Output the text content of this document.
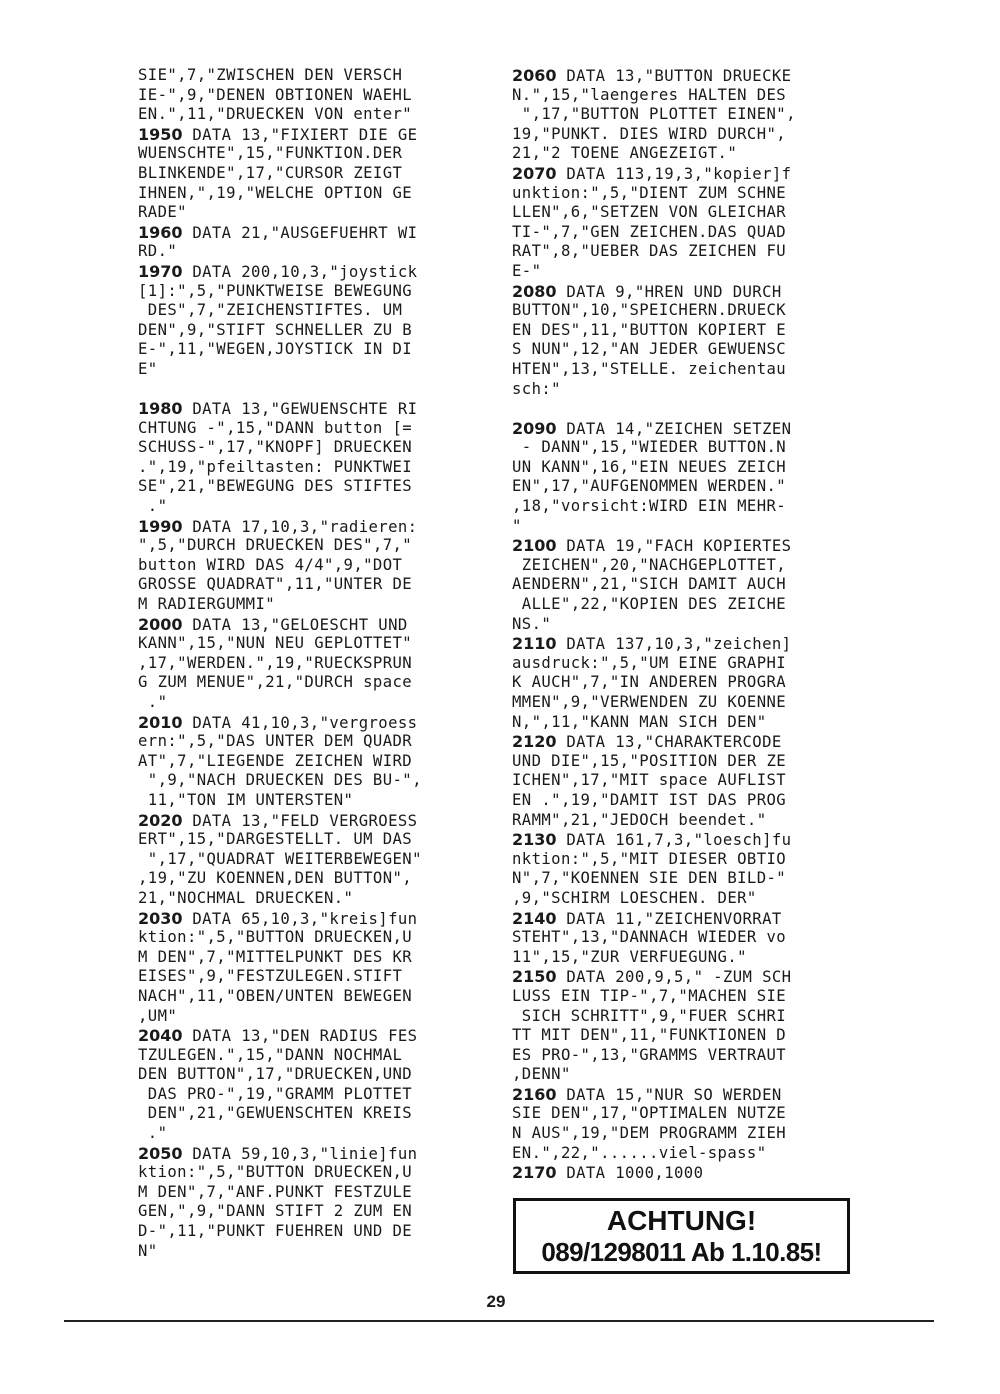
SIE",7,"ZWISCHEN DEN VERSCH
IE-",9,"DENEN OBTIONEN WAEHL
EN.",11,"DRUECKEN VON enter"
1950 DATA 13,"FIXIERT DIE GE
WUENSCHTE",15,"FUNKTION.DER
BLINKENDE",17,"CURSOR ZEIGT
IHNEN,",19,"WELCHE OPTION GE
RADE"
1960 DATA 21,"AUSGEFUEHRT WI
RD."
1970 DATA 200,10,3,"joystick
[1]:",5,"PUNKTWEISE BEWEGUNG
DES",7,"ZEICHENSTIFTES. UM
DEN",9,"STIFT SCHNELLER ZU B
E-",11,"WEGEN,JOYSTICK IN DI
E"
1980 DATA 13,"GEWUENSCHTE RI
CHTUNG -",15,"DANN button [=
SCHUSS-",17,"KNOPF] DRUECKEN
.",19,"pfeiltasten: PUNKTWEI
SE",21,"BEWEGUNG DES STIFTES
."
1990 DATA 17,10,3,"radieren:
",5,"DURCH DRUECKEN DES",7,"
button WIRD DAS 4/4",9,"DOT
GROSSE QUADRAT",11,"UNTER DE
M RADIERGUMMI"
2000 DATA 13,"GELOESCHT UND
KANN",15,"NUN NEU GEPLOTTET"
,17,"WERDEN.",19,"RUECKSPRUN
G ZUM MENUE",21,"DURCH space
."
2010 DATA 41,10,3,"vergroess
ern:",5,"DAS UNTER DEM QUADR
AT",7,"LIEGENDE ZEICHEN WIRD
",9,"NACH DRUECKEN DES BU-",
11,"TON IM UNTERSTEN"
2020 DATA 13,"FELD VERGROESS
ERT",15,"DARGESTELLT. UM DAS
",17,"QUADRAT WEITERBEWEGEN"
,19,"ZU KOENNEN,DEN BUTTON",
21,"NOCHMAL DRUECKEN."
2030 DATA 65,10,3,"kreis]fun
ktion:",5,"BUTTON DRUECKEN,U
M DEN",7,"MITTELPUNKT DES KR
EISES",9,"FESTZULEGEN.STIFT
NACH",11,"OBEN/UNTEN BEWEGEN
,UM"
2040 DATA 13,"DEN RADIUS FES
TZULEGEN.",15,"DANN NOCHMAL
DEN BUTTON",17,"DRUECKEN,UND
DAS PRO-",19,"GRAMM PLOTTET
DEN",21,"GEWUENSCHTEN KREIS
."
2050 DATA 59,10,3,"linie]fun
ktion:",5,"BUTTON DRUECKEN,U
M DEN",7,"ANF.PUNKT FESTZULE
GEN,",9,"DANN STIFT 2 ZUM EN
D-",11,"PUNKT FUEHREN UND DE
N"
2060 DATA 13,"BUTTON DRUECKE
N.",15,"laengeres HALTEN DES
",17,"BUTTON PLOTTET EINEN",
19,"PUNKT. DIES WIRD DURCH",
21,"2 TOENE ANGEZEIGT."
2070 DATA 113,19,3,"kopier]f
unktion:",5,"DIENT ZUM SCHNE
LLEN",6,"SETZEN VON GLEICHAR
TI-",7,"GEN ZEICHEN.DAS QUAD
RAT",8,"UEBER DAS ZEICHEN FU
E-"
2080 DATA 9,"HREN UND DURCH
BUTTON",10,"SPEICHERN.DRUECK
EN DES",11,"BUTTON KOPIERT E
S NUN",12,"AN JEDER GEWUENSC
HTEN",13,"STELLE. zeichentau
sch:"
2090 DATA 14,"ZEICHEN SETZEN
- DANN",15,"WIEDER BUTTON.N
UN KANN",16,"EIN NEUES ZEICH
EN",17,"AUFGENOMMEN WERDEN."
,18,"vorsicht:WIRD EIN MEHR-
"
2100 DATA 19,"FACH KOPIERTES
ZEICHEN",20,"NACHGEPLOTTET,
AENDERN",21,"SICH DAMIT AUCH
ALLE",22,"KOPIEN DES ZEICHE
NS."
2110 DATA 137,10,3,"zeichen]
ausdruck:",5,"UM EINE GRAPHI
K AUCH",7,"IN ANDEREN PROGRA
MMEN",9,"VERWENDEN ZU KOENNE
N,",11,"KANN MAN SICH DEN"
2120 DATA 13,"CHARAKTERCODE
UND DIE",15,"POSITION DER ZE
ICHEN",17,"MIT space AUFLIST
EN .",19,"DAMIT IST DAS PROG
RAMM",21,"JEDOCH beendet."
2130 DATA 161,7,3,"loesch]fu
nktion:",5,"MIT DIESER OBTIO
N",7,"KOENNEN SIE DEN BILD-"
,9,"SCHIRM LOESCHEN. DER"
2140 DATA 11,"ZEICHENVORRAT
STEHT",13,"DANNACH WIEDER vo
11",15,"ZUR VERFUEGUNG."
2150 DATA 200,9,5," -ZUM SCH
LUSS EIN TIP-",7,"MACHEN SIE
SICH SCHRITT",9,"FUER SCHRI
TT MIT DEN",11,"FUNKTIONEN D
ES PRO-",13,"GRAMMS VERTRAUT
,DENN"
2160 DATA 15,"NUR SO WERDEN
SIE DEN",17,"OPTIMALEN NUTZE
N AUS",19,"DEM PROGRAMM ZIEH
EN.",22,"......viel-spass"
2170 DATA 1000,1000
ACHTUNG!
089/1298011 Ab 1.10.85!
29
